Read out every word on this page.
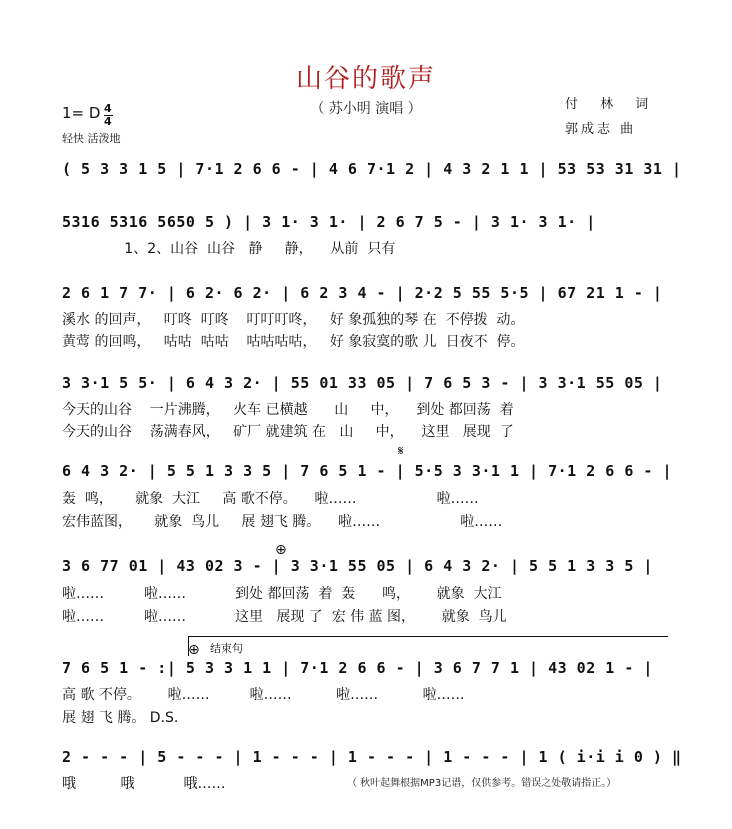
山谷的歌声
（ 苏小明 演唱 ）	付 林 词
郭成志 曲
1= D 4
4
轻快 活泼地
( 5 3 3 1 5 | 7·1 2 6 6 - | 4 6 7·1 2 | 4 3 2 1 1 | 53 53 31 31 |
5316 5316 5650 5 ) | 3 1· 3 1· | 2 6 7 5 - | 3 1· 3 1· |
1、2、山谷  山谷   静     静，    从前  只有
2 6 1 7 7· | 6 2· 6 2· | 6 2 3 4 - | 2·2 5 55 5·5 | 67 21 1 - |
溪水 的回声，   叮咚  叮咚    叮叮叮咚，   好 象孤独的琴 在  不停拨  动。
黄莺 的回鸣，   咕咕  咕咕    咕咕咕咕，   好 象寂寞的歌 儿  日夜不  停。
3 3·1 5 5· | 6 4 3 2· | 55 01 33 05 | 7 6 5 3 - | 3 3·1 55 05 |
今天的山谷    一片沸腾，   火车 已横越      山     中，    到处 都回荡  着
今天的山谷    荡满春风，   矿厂 就建筑 在   山     中，    这里   展现  了
𝄋
6 4 3 2· | 5 5 1 3 3 5 | 7 6 5 1 - | 5·5 3 3·1 1 | 7·1 2 6 6 - |
轰  鸣，     就象  大江     高 歌不停。    啦……                  啦……
宏伟蓝图，     就象  鸟儿     展 翅飞 腾。    啦……                  啦……
⊕
3 6 77 01 | 43 02 3 - | 3 3·1 55 05 | 6 4 3 2· | 5 5 1 3 3 5 |
啦……         啦……           到处 都回荡  着  轰      鸣，      就象  大江
啦……         啦……           这里   展现 了  宏 伟 蓝 图，      就象  鸟儿
⊕ 结束句
7 6 5 1 - :| 5 3 3 1 1 | 7·1 2 6 6 - | 3 6 7 7 1 | 43 02 1 - |
高 歌 不停。      啦……         啦……          啦……          啦……
展 翅 飞 腾。 D.S.
2 - - - | 5 - - - | 1 - - - | 1 - - - | 1 - - - | 1 ( i·i i 0 ) ‖
哦          哦           哦……	（ 秋叶起舞根据MP3记谱，仅供参考。错误之处敬请指正。）
